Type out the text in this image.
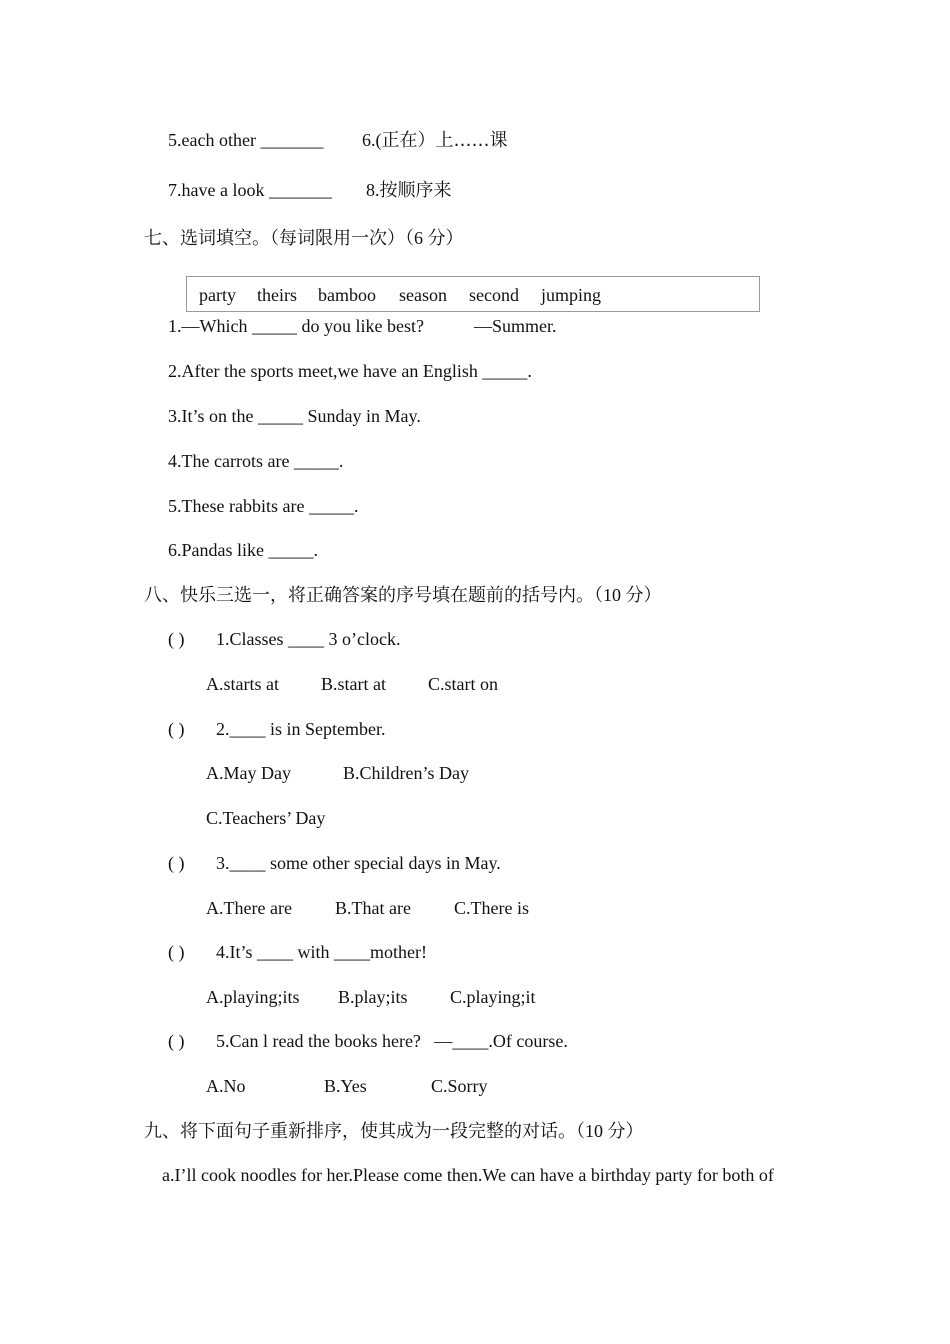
5.each other _______ 6.(正在）上……课
7.have a look _______ 8.按顺序来
七、选词填空。（每词限用一次）（6 分）
party theirs bamboo season second jumping
1.—Which _____ do you like best?	—Summer.
2.After the sports meet,we have an English _____.
3.It’s on the _____ Sunday in May.
4.The carrots are _____.
5.These rabbits are _____.
6.Pandas like _____.
八、快乐三选一，将正确答案的序号填在题前的括号内。（10 分）
( ) 1.Classes ____ 3 o’clock.
A.starts at B.start at C.start on
( ) 2.____ is in September.
A.May Day	B.Children’s Day
C.Teachers’ Day
( ) 3.____ some other special days in May.
A.There are B.That are C.There is
( ) 4.It’s ____ with ____mother!
A.playing;its B.play;its C.playing;it
( ) 5.Can l read the books here?   —____.Of course.
A.No	B.Yes	C.Sorry
九、将下面句子重新排序，使其成为一段完整的对话。（10 分）
a.I’ll cook noodles for her.Please come then.We can have a birthday party for both of
